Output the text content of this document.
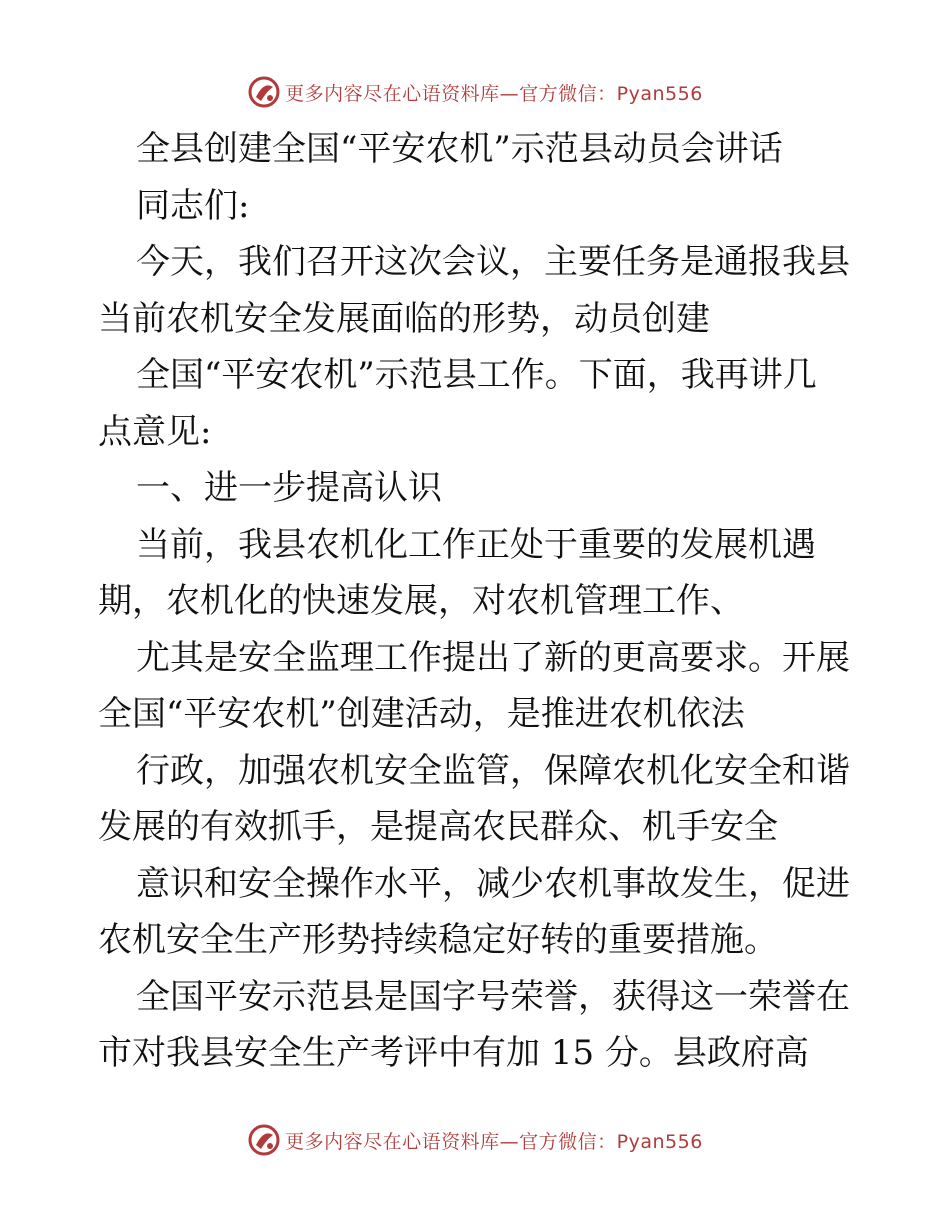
更多内容尽在心语资料库—官方微信：Pyan556
全县创建全国“平安农机”示范县动员会讲话
同志们:
今天，我们召开这次会议，主要任务是通报我县
当前农机安全发展面临的形势，动员创建
全国“平安农机”示范县工作。下面，我再讲几
点意见:
一、进一步提高认识
当前，我县农机化工作正处于重要的发展机遇
期，农机化的快速发展，对农机管理工作、
尤其是安全监理工作提出了新的更高要求。开展
全国“平安农机”创建活动，是推进农机依法
行政，加强农机安全监管，保障农机化安全和谐
发展的有效抓手，是提高农民群众、机手安全
意识和安全操作水平，减少农机事故发生，促进
农机安全生产形势持续稳定好转的重要措施。
全国平安示范县是国字号荣誉，获得这一荣誉在
市对我县安全生产考评中有加 15 分。县政府高
更多内容尽在心语资料库—官方微信：Pyan556
